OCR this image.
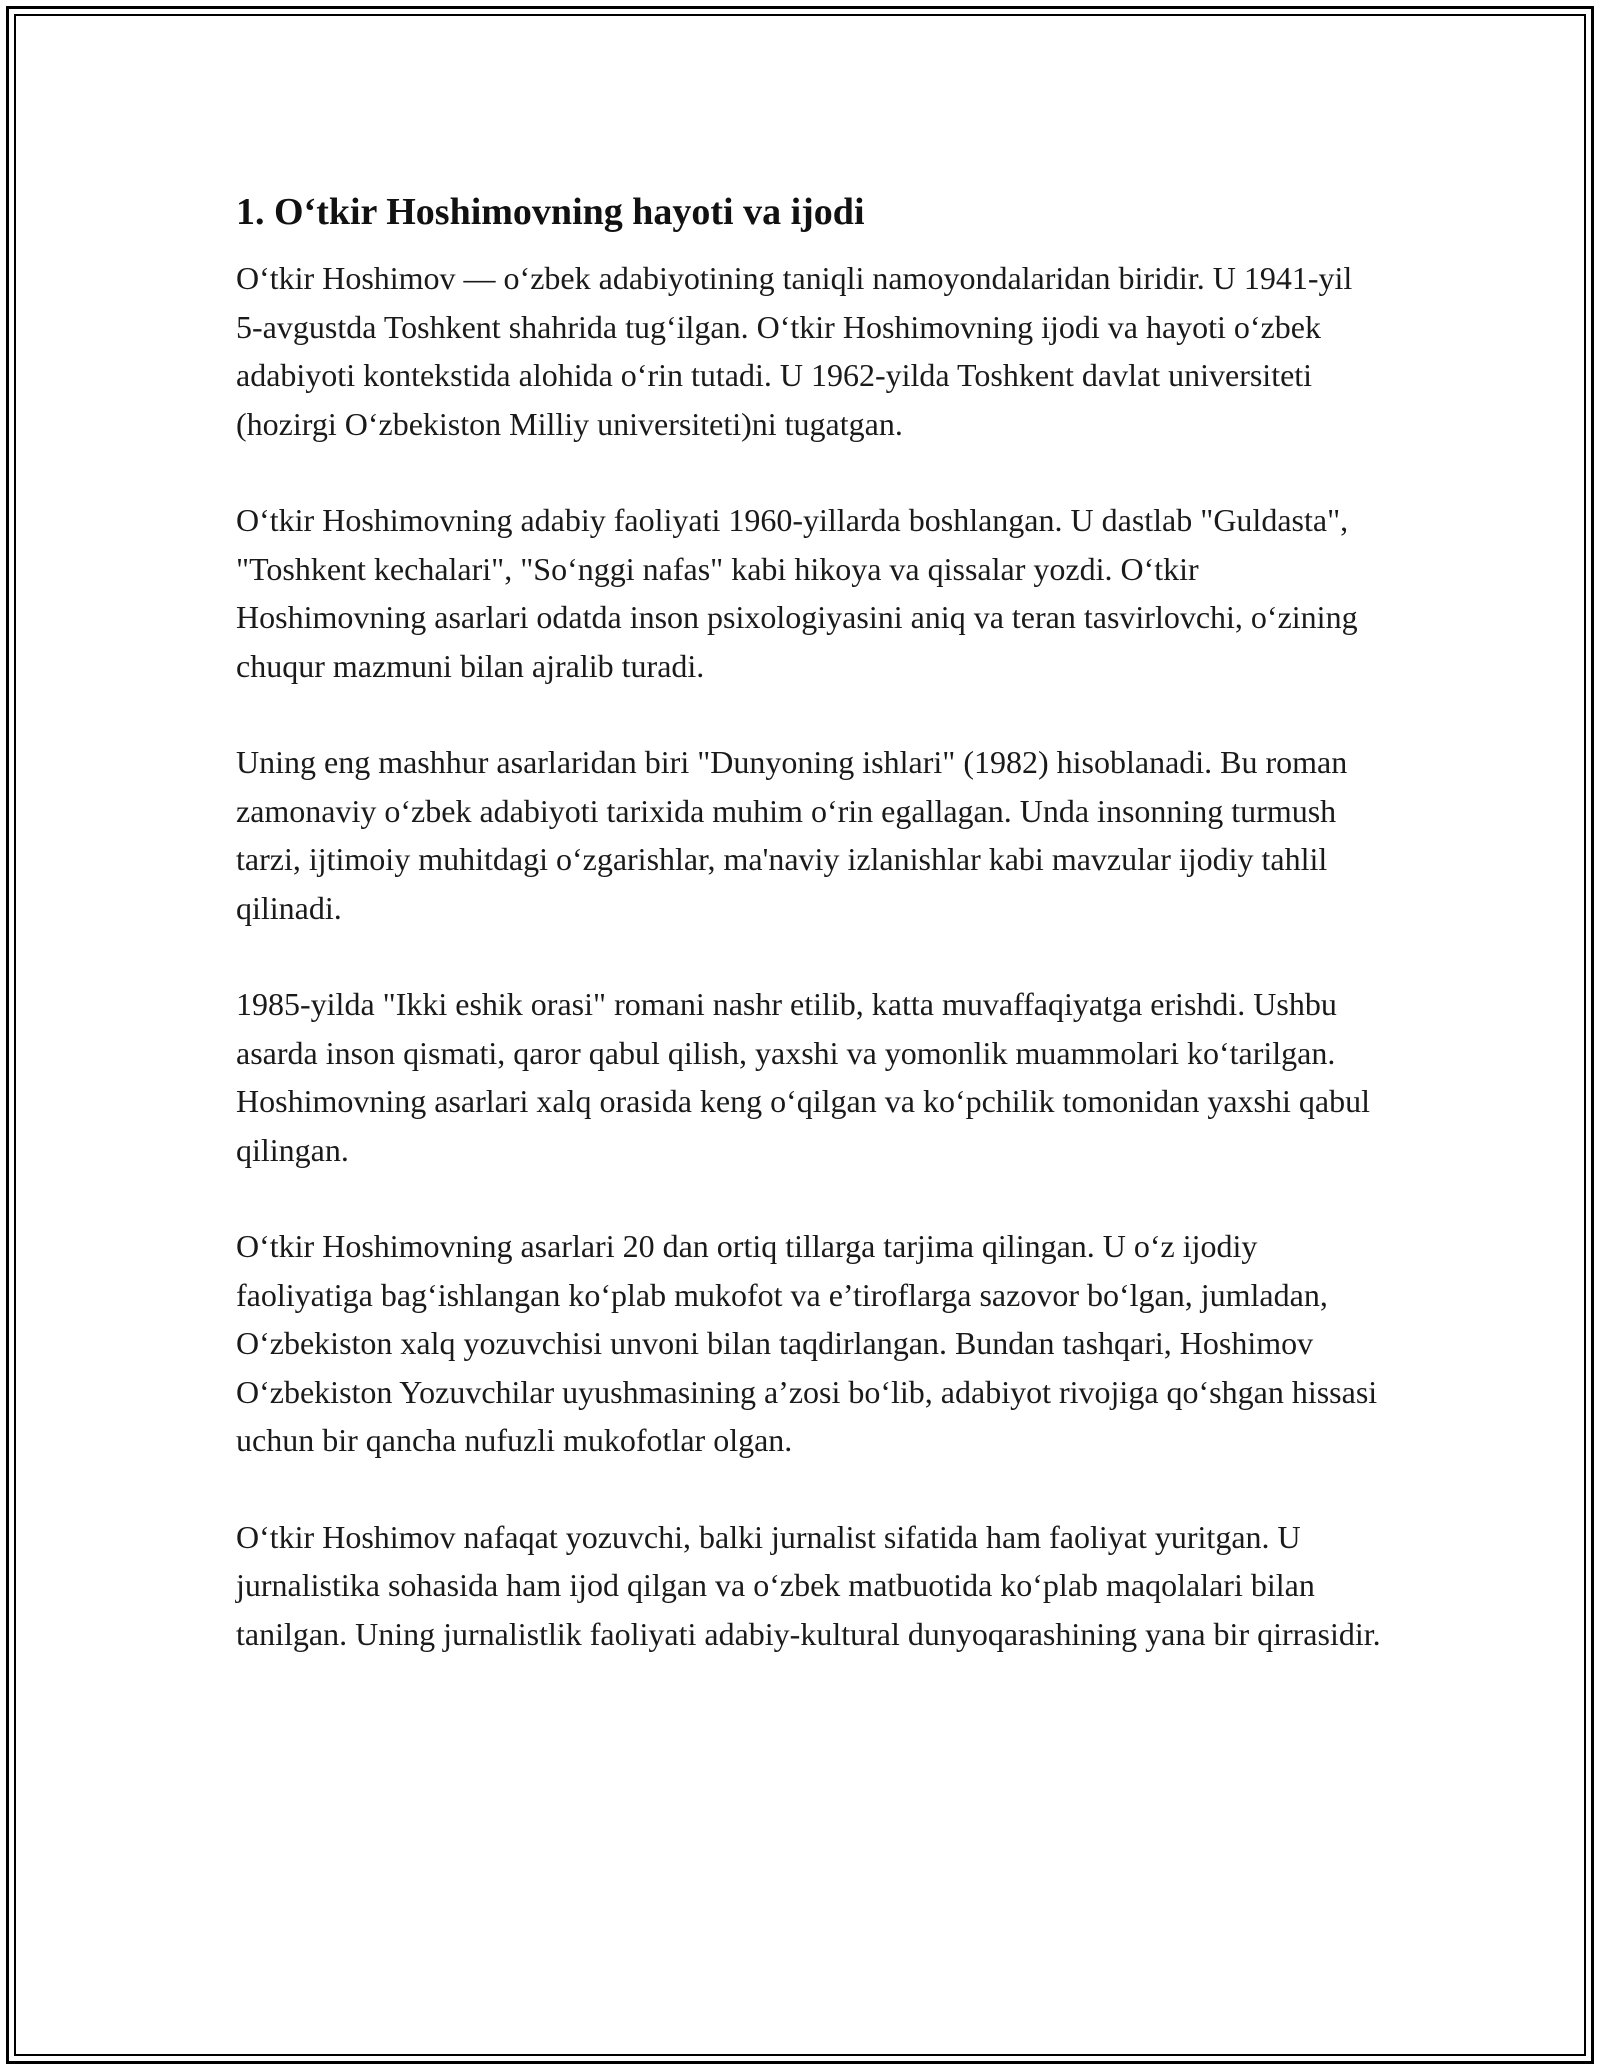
1. O‘tkir Hoshimovning hayoti va ijodi

O‘tkir Hoshimov — o‘zbek adabiyotining taniqli namoyondalaridan biridir. U 1941-yil 5-avgustda Toshkent shahrida tug‘ilgan. O‘tkir Hoshimovning ijodi va hayoti o‘zbek adabiyoti kontekstida alohida o‘rin tutadi. U 1962-yilda Toshkent davlat universiteti (hozirgi O‘zbekiston Milliy universiteti)ni tugatgan.

O‘tkir Hoshimovning adabiy faoliyati 1960-yillarda boshlangan. U dastlab "Guldasta", "Toshkent kechalari", "So‘nggi nafas" kabi hikoya va qissalar yozdi. O‘tkir Hoshimovning asarlari odatda inson psixologiyasini aniq va teran tasvirlovchi, o‘zining chuqur mazmuni bilan ajralib turadi.

Uning eng mashhur asarlaridan biri "Dunyoning ishlari" (1982) hisoblanadi. Bu roman zamonaviy o‘zbek adabiyoti tarixida muhim o‘rin egallagan. Unda insonning turmush tarzi, ijtimoiy muhitdagi o‘zgarishlar, ma'naviy izlanishlar kabi mavzular ijodiy tahlil qilinadi.

1985-yilda "Ikki eshik orasi" romani nashr etilib, katta muvaffaqiyatga erishdi. Ushbu asarda inson qismati, qaror qabul qilish, yaxshi va yomonlik muammolari ko‘tarilgan. Hoshimovning asarlari xalq orasida keng o‘qilgan va ko‘pchilik tomonidan yaxshi qabul qilingan.

O‘tkir Hoshimovning asarlari 20 dan ortiq tillarga tarjima qilingan. U o‘z ijodiy faoliyatiga bag‘ishlangan ko‘plab mukofot va e’tiroflarga sazovor bo‘lgan, jumladan, O‘zbekiston xalq yozuvchisi unvoni bilan taqdirlangan. Bundan tashqari, Hoshimov O‘zbekiston Yozuvchilar uyushmasining a’zosi bo‘lib, adabiyot rivojiga qo‘shgan hissasi uchun bir qancha nufuzli mukofotlar olgan.

O‘tkir Hoshimov nafaqat yozuvchi, balki jurnalist sifatida ham faoliyat yuritgan. U jurnalistika sohasida ham ijod qilgan va o‘zbek matbuotida ko‘plab maqolalari bilan tanilgan. Uning jurnalistlik faoliyati adabiy-kultural dunyoqarashining yana bir qirrasidir.
